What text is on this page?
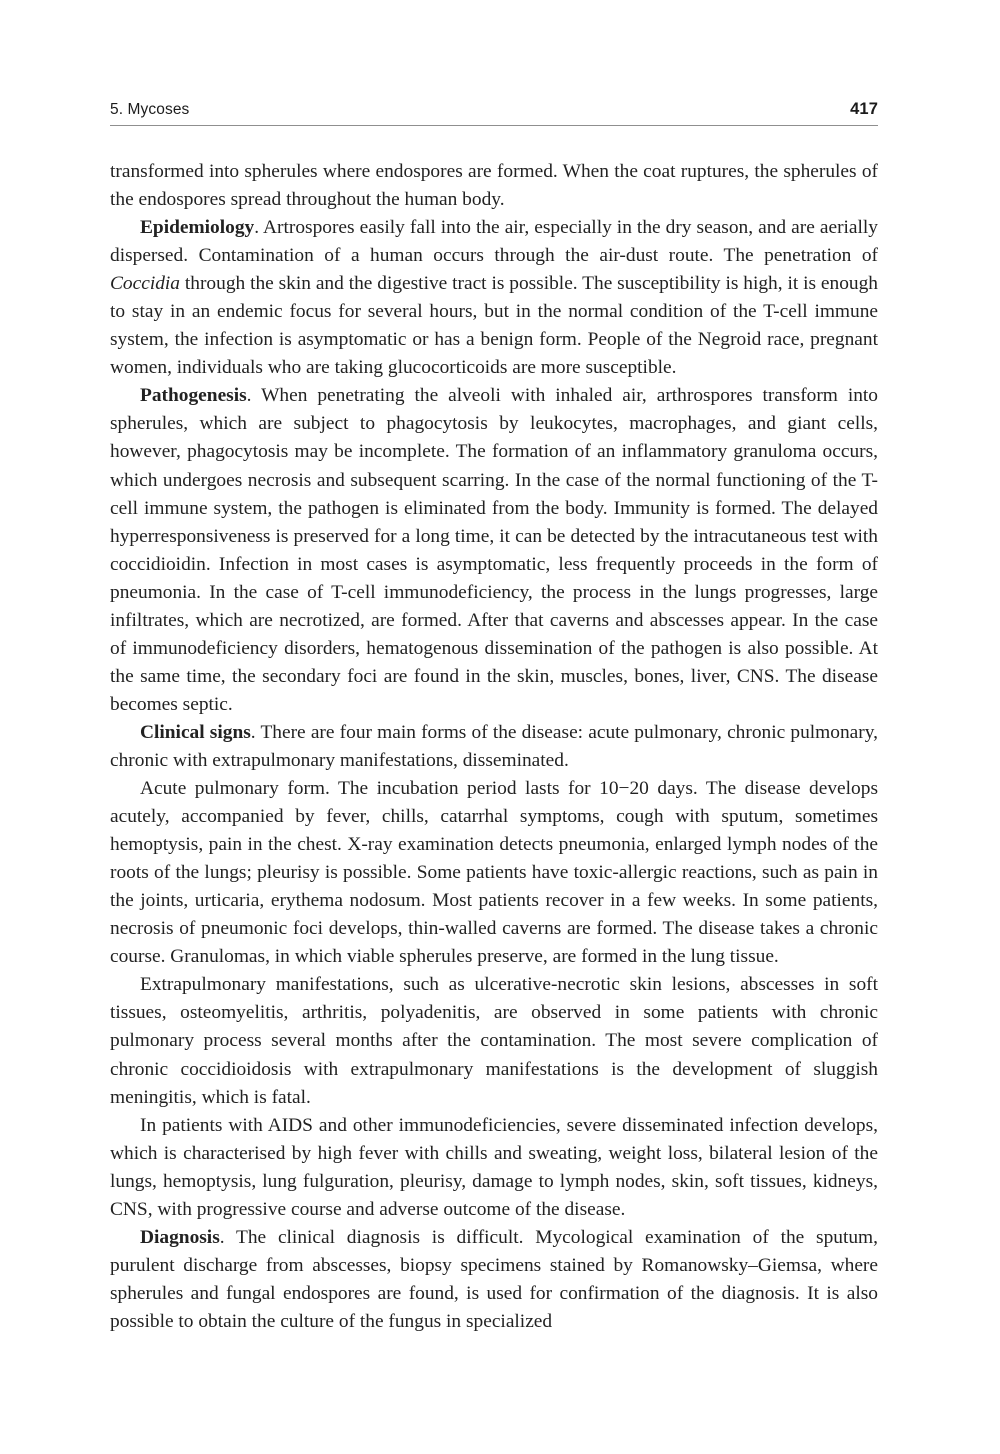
5. Mycoses	417

transformed into spherules where endospores are formed. When the coat ruptures, the spherules of the endospores spread throughout the human body.

Epidemiology. Artrospores easily fall into the air, especially in the dry season, and are aerially dispersed. Contamination of a human occurs through the air-dust route. The penetration of Coccidia through the skin and the digestive tract is possible. The susceptibility is high, it is enough to stay in an endemic focus for several hours, but in the normal condition of the T-cell immune system, the infection is asymptomatic or has a benign form. People of the Negroid race, pregnant women, individuals who are taking glucocorticoids are more susceptible.

Pathogenesis. When penetrating the alveoli with inhaled air, arthrospores transform into spherules, which are subject to phagocytosis by leukocytes, macrophages, and giant cells, however, phagocytosis may be incomplete. The formation of an inflammatory granuloma occurs, which undergoes necrosis and subsequent scarring. In the case of the normal functioning of the T-cell immune system, the pathogen is eliminated from the body. Immunity is formed. The delayed hyperresponsiveness is preserved for a long time, it can be detected by the intracutaneous test with coccidioidin. Infection in most cases is asymptomatic, less frequently proceeds in the form of pneumonia. In the case of T-cell immunodeficiency, the process in the lungs progresses, large infiltrates, which are necrotized, are formed. After that caverns and abscesses appear. In the case of immunodeficiency disorders, hematogenous dissemination of the pathogen is also possible. At the same time, the secondary foci are found in the skin, muscles, bones, liver, CNS. The disease becomes septic.

Clinical signs. There are four main forms of the disease: acute pulmonary, chronic pulmonary, chronic with extrapulmonary manifestations, disseminated.

Acute pulmonary form. The incubation period lasts for 10−20 days. The disease develops acutely, accompanied by fever, chills, catarrhal symptoms, cough with sputum, sometimes hemoptysis, pain in the chest. X-ray examination detects pneumonia, enlarged lymph nodes of the roots of the lungs; pleurisy is possible. Some patients have toxic-allergic reactions, such as pain in the joints, urticaria, erythema nodosum. Most patients recover in a few weeks. In some patients, necrosis of pneumonic foci develops, thin-walled caverns are formed. The disease takes a chronic course. Granulomas, in which viable spherules preserve, are formed in the lung tissue.

Extrapulmonary manifestations, such as ulcerative-necrotic skin lesions, abscesses in soft tissues, osteomyelitis, arthritis, polyadenitis, are observed in some patients with chronic pulmonary process several months after the contamination. The most severe complication of chronic coccidioidosis with extrapulmonary manifestations is the development of sluggish meningitis, which is fatal.

In patients with AIDS and other immunodeficiencies, severe disseminated infection develops, which is characterised by high fever with chills and sweating, weight loss, bilateral lesion of the lungs, hemoptysis, lung fulguration, pleurisy, damage to lymph nodes, skin, soft tissues, kidneys, CNS, with progressive course and adverse outcome of the disease.

Diagnosis. The clinical diagnosis is difficult. Mycological examination of the sputum, purulent discharge from abscesses, biopsy specimens stained by Romanowsky–Giemsa, where spherules and fungal endospores are found, is used for confirmation of the diagnosis. It is also possible to obtain the culture of the fungus in specialized
